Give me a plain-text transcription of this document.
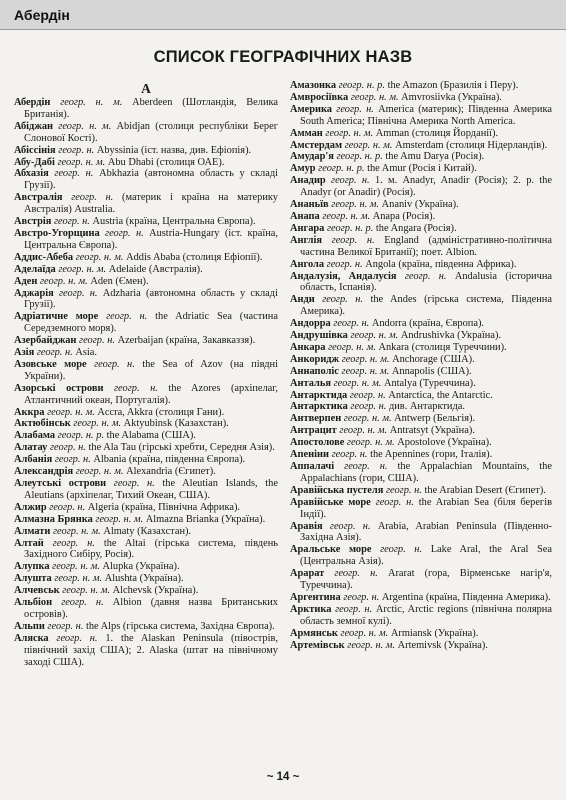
Абердін
СПИСОК ГЕОГРАФІЧНИХ НАЗВ
А
Абердін геогр. н. м. Aberdeen (Шотландія, Велика Британія).
Абіджан геогр. н. м. Abidjan (столиця республіки Берег Слонової Кості).
Абіссінія геогр. н. Abyssinia (іст. назва, див. Ефіопія).
Абу-Дабі геогр. н. м. Abu Dhabi (столиця ОАЕ).
Абхазія геогр. н. Abkhazia (автономна область у складі Грузії).
Австралія геогр. н. (материк і країна на материку Австралія) Australia.
Австрія геогр. н. Austria (країна, Центральна Європа).
Австро-Угорщина геогр. н. Austria-Hungary (іст. країна, Центральна Європа).
Аддис-Абеба геогр. н. м. Addis Ababa (столиця Ефіопії).
Аделаїда геогр. н. м. Adelaide (Австралія).
Аден геогр. н. м. Aden (Ємен).
Аджарія геогр. н. Adzharia (автономна область у складі Грузії).
Адріатичне море геогр. н. the Adriatic Sea (частина Середземного моря).
Азербайджан геогр. н. Azerbaijan (країна, Закавказзя).
Азія геогр. н. Asia.
Азовське море геогр. н. the Sea of Azov (на півдні України).
Азорські острови геогр. н. the Azores (архіпелаг, Атлантичний океан, Португалія).
Аккра геогр. н. м. Accra, Akkra (столиця Гани).
Актюбінськ геогр. н. м. Aktyubinsk (Казахстан).
Алабама геогр. н. р. the Alabama (США).
Алатау геогр. н. the Ala Tau (гірські хребти, Середня Азія).
Албанія геогр. н. Albania (країна, південна Європа).
Александрія геогр. н. м. Alexandria (Єгипет).
Алеутські острови геогр. н. the Aleutian Islands, the Aleutians (архіпелаг, Тихий Океан, США).
Алжир геогр. н. Algeria (країна, Північна Африка).
Алмазна Брянка геогр. н. м. Almazna Brianka (Україна).
Алмати геогр. н. м. Almaty (Казахстан).
Алтай геогр. н. the Altai (гірська система, південь Західного Сибіру, Росія).
Алупка геогр. н. м. Alupka (Україна).
Алушта геогр. н. м. Alushta (Україна).
Алчевськ геогр. н. м. Alchevsk (Україна).
Альбіон геогр. н. Albion (давня назва Британських островів).
Альпи геогр. н. the Alps (гірська система, Західна Європа).
Аляска геогр. н. 1. the Alaskan Peninsula (півострів, північний захід США); 2. Alaska (штат на північному заході США).
Амазонка геогр. н. р. the Amazon (Бразилія і Перу).
Амвросіївка геогр. н. м. Amvrosiivka (Україна).
Америка геогр. н. America (материк); Південна Америка South America; Північна Америка North America.
Амман геогр. н. м. Amman (столиця Йорданії).
Амстердам геогр. н. м. Amsterdam (столиця Нідерландів).
Амудар'я геогр. н. р. the Amu Darya (Росія).
Амур геогр. н. р. the Amur (Росія і Китай).
Анадир геогр. н. 1. м. Anadyr, Anadir (Росія); 2. р. the Anadyr (or Anadir) (Росія).
Ананьїв геогр. н. м. Ananiv (Україна).
Анапа геогр. н. м. Anapa (Росія).
Ангара геогр. н. р. the Angara (Росія).
Англія геогр. н. England (адміністративно-політична частина Великої Британії); поет. Albion.
Ангола геогр. н. Angola (країна, південна Африка).
Андалузія, Андалусія геогр. н. Andalusia (історична область, Іспанія).
Анди геогр. н. the Andes (гірська система, Південна Америка).
Андорра геогр. н. Andorra (країна, Європа).
Андрушівка геогр. н. м. Andrushivka (Україна).
Анкара геогр. н. м. Ankara (столиця Туреччини).
Анкоридж геогр. н. м. Anchorage (США).
Аннаполіс геогр. н. м. Annapolis (США).
Анталья геогр. н. м. Antalya (Туреччина).
Антарктида геогр. н. Antarctica, the Antarctic.
Антарктика геогр. н. див. Антарктида.
Антверпен геогр. н. м. Antwerp (Бельгія).
Антрацит геогр. н. м. Antratsyt (Україна).
Апостолове геогр. н. м. Apostolove (Україна).
Апеніни геогр. н. the Apennines (гори, Італія).
Аппалачі геогр. н. the Appalachian Mountains, the Appalachians (гори, США).
Аравійська пустеля геогр. н. the Arabian Desert (Єгипет).
Аравійське море геогр. н. the Arabian Sea (біля берегів Індії).
Аравія геогр. н. Arabia, Arabian Peninsula (Південно-Західна Азія).
Аральське море геогр. н. Lake Aral, the Aral Sea (Центральна Азія).
Арарат геогр. н. Ararat (гора, Вірменське нагір'я, Туреччина).
Аргентина геогр. н. Argentina (країна, Південна Америка).
Арктика геогр. н. Arctic, Arctic regions (північна полярна область земної кулі).
Армянськ геогр. н. м. Armiansk (Україна).
Артемівськ геогр. н. м. Artemivsk (Україна).
~ 14 ~
